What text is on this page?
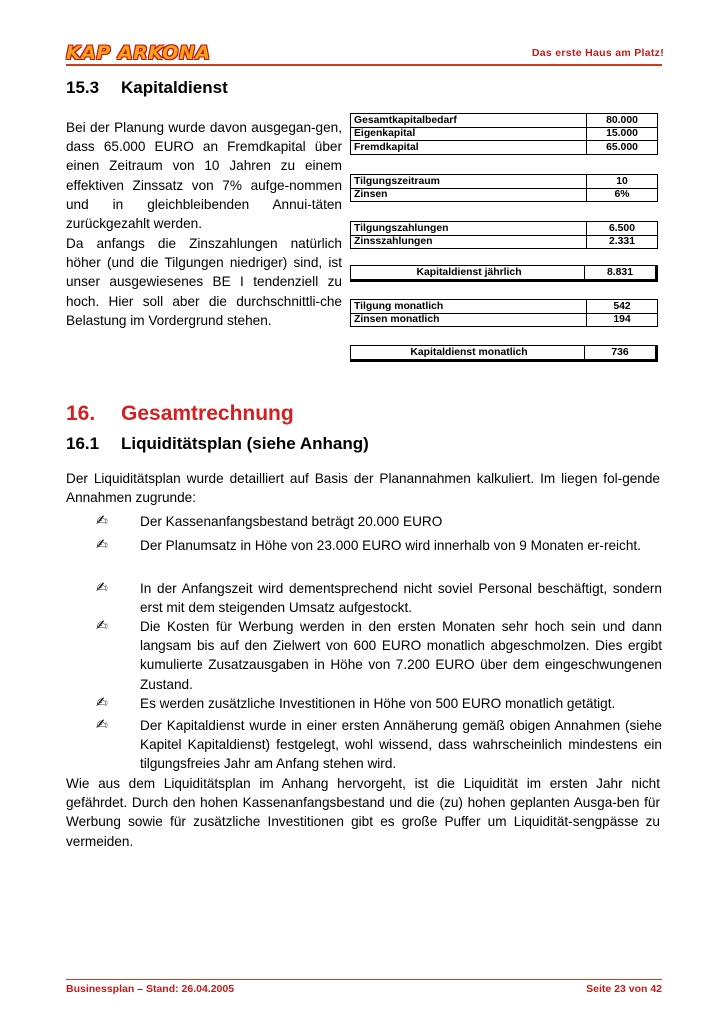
KAP ARKONA	Das erste Haus am Platz!
15.3 Kapitaldienst
Bei der Planung wurde davon ausgegan-gen, dass 65.000 EURO an Fremdkapital über einen Zeitraum von 10 Jahren zu einem effektiven Zinssatz von 7% aufge-nommen und in gleichbleibenden Annui-täten zurückgezahlt werden.
Da anfangs die Zinszahlungen natürlich höher (und die Tilgungen niedriger) sind, ist unser ausgewiesenes BE I tendenziell zu hoch. Hier soll aber die durchschnittli-che Belastung im Vordergrund stehen.
Gesamtkapitalbedarf	80.000
Eigenkapital	15.000
Fremdkapital	65.000
Tilgungszeitraum	10
Zinsen	6%
Tilgungszahlungen	6.500
Zinsszahlungen	2.331
Kapitaldienst jährlich	8.831
Tilgung monatlich	542
Zinsen monatlich	194
Kapitaldienst monatlich	736
16. Gesamtrechnung
16.1 Liquiditätsplan (siehe Anhang)
Der Liquiditätsplan wurde detailliert auf Basis der Planannahmen kalkuliert. Im liegen fol-gende Annahmen zugrunde:
✍ Der Kassenanfangsbestand beträgt 20.000 EURO
✍ Der Planumsatz in Höhe von 23.000 EURO wird innerhalb von 9 Monaten er-reicht.
✍ In der Anfangszeit wird dementsprechend nicht soviel Personal beschäftigt, sondern erst mit dem steigenden Umsatz aufgestockt.
✍ Die Kosten für Werbung werden in den ersten Monaten sehr hoch sein und dann langsam bis auf den Zielwert von 600 EURO monatlich abgeschmolzen. Dies ergibt kumulierte Zusatzausgaben in Höhe von 7.200 EURO über dem eingeschwungenen Zustand.
✍ Es werden zusätzliche Investitionen in Höhe von 500 EURO monatlich getätigt.
✍ Der Kapitaldienst wurde in einer ersten Annäherung gemäß obigen Annahmen (siehe Kapitel Kapitaldienst) festgelegt, wohl wissend, dass wahrscheinlich mindestens ein tilgungsfreies Jahr am Anfang stehen wird.
Wie aus dem Liquiditätsplan im Anhang hervorgeht, ist die Liquidität im ersten Jahr nicht gefährdet. Durch den hohen Kassenanfangsbestand und die (zu) hohen geplanten Ausga-ben für Werbung sowie für zusätzliche Investitionen gibt es große Puffer um Liquidität-sengpässe zu vermeiden.
Businessplan – Stand: 26.04.2005	Seite 23 von 42
